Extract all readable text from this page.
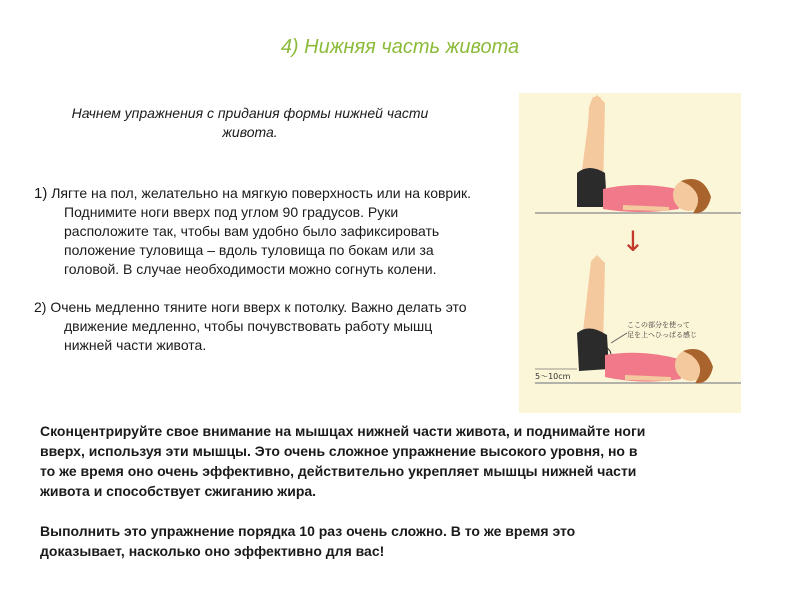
4) Нижняя часть живота
Начнем упражнения с придания формы нижней части
живота.
1) Лягте на пол, желательно на мягкую поверхность или на коврик.
Поднимите ноги вверх под углом 90 градусов. Руки
расположите так, чтобы вам удобно было зафиксировать
положение туловища – вдоль туловища по бокам или за
головой. В случае необходимости можно согнуть колени.
2) Очень медленно тяните ноги вверх к потолку. Важно делать это
движение медленно, чтобы почувствовать работу мышц
нижней части живота.
↓
ここの部分を使って
足を上へひっぱる感じ
5〜10cm

Сконцентрируйте свое внимание на мышцах нижней части живота, и поднимайте ноги
вверх, используя эти мышцы. Это очень сложное упражнение высокого уровня, но в
то же время оно очень эффективно, действительно укрепляет мышцы нижней части
живота и способствует сжиганию жира.

Выполнить это упражнение порядка 10 раз очень сложно. В то же время это
доказывает, насколько оно эффективно для вас!
